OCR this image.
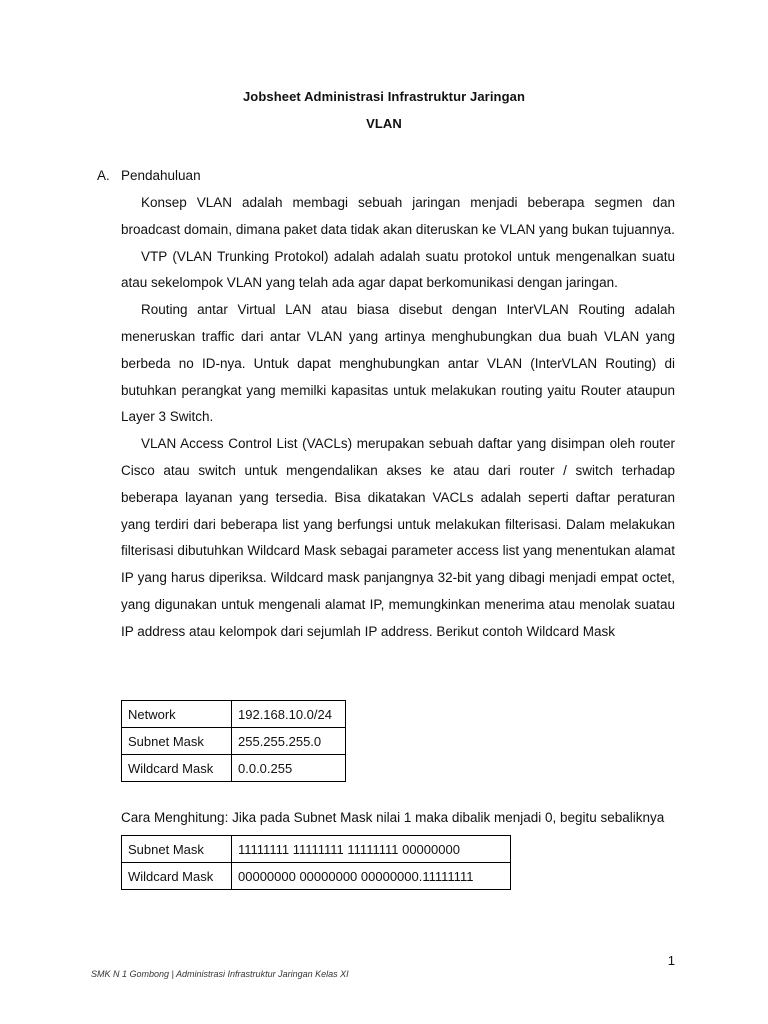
Jobsheet Administrasi Infrastruktur Jaringan
VLAN
A. Pendahuluan

Konsep VLAN adalah membagi sebuah jaringan menjadi beberapa segmen dan broadcast domain, dimana paket data tidak akan diteruskan ke VLAN yang bukan tujuannya.

VTP (VLAN Trunking Protokol) adalah adalah suatu protokol untuk mengenalkan suatu atau sekelompok VLAN yang telah ada agar dapat berkomunikasi dengan jaringan.

Routing antar Virtual LAN atau biasa disebut dengan InterVLAN Routing adalah meneruskan traffic dari antar VLAN yang artinya menghubungkan dua buah VLAN yang berbeda no ID-nya. Untuk dapat menghubungkan antar VLAN (InterVLAN Routing) di butuhkan perangkat yang memilki kapasitas untuk melakukan routing yaitu Router ataupun Layer 3 Switch.

VLAN Access Control List (VACLs) merupakan sebuah daftar yang disimpan oleh router Cisco atau switch untuk mengendalikan akses ke atau dari router / switch terhadap beberapa layanan yang tersedia. Bisa dikatakan VACLs adalah seperti daftar peraturan yang terdiri dari beberapa list yang berfungsi untuk melakukan filterisasi. Dalam melakukan filterisasi dibutuhkan Wildcard Mask sebagai parameter access list yang menentukan alamat IP yang harus diperiksa. Wildcard mask panjangnya 32-bit yang dibagi menjadi empat octet, yang digunakan untuk mengenali alamat IP, memungkinkan menerima atau menolak suatau IP address atau kelompok dari sejumlah IP address. Berikut contoh Wildcard Mask

Network	192.168.10.0/24
Subnet Mask	255.255.255.0
Wildcard Mask	0.0.0.255
Cara Menghitung: Jika pada Subnet Mask nilai 1 maka dibalik menjadi 0, begitu sebaliknya
Subnet Mask	11111111 11111111 11111111 00000000
Wildcard Mask	00000000 00000000 00000000.11111111
1
SMK N 1 Gombong | Administrasi Infrastruktur Jaringan Kelas XI
